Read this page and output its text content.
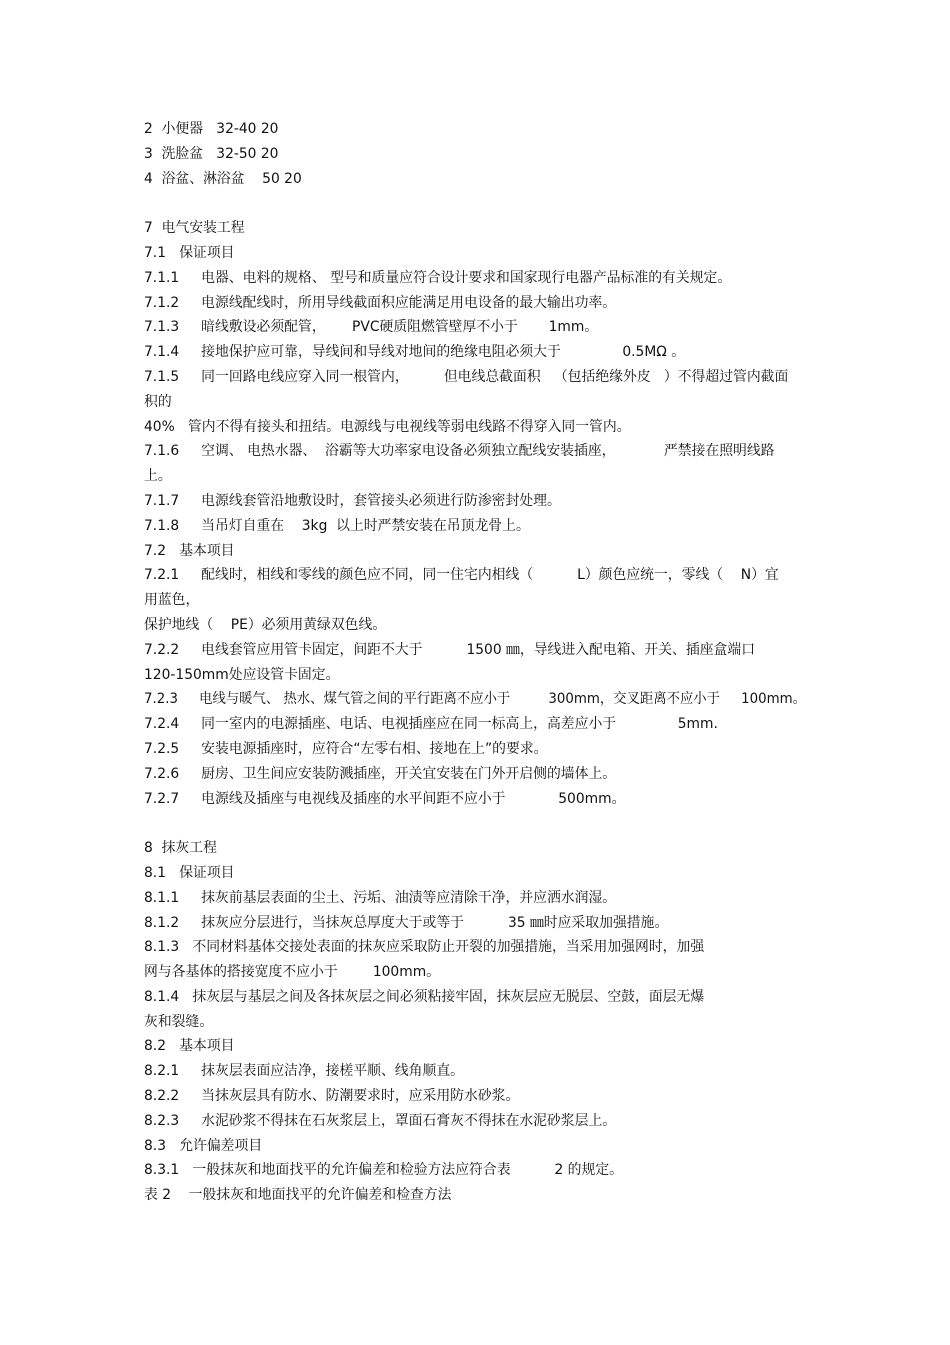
2  小便器   32-40 20
3  洗脸盆   32-50 20
4  浴盆、淋浴盆    50 20
7  电气安装工程
7.1   保证项目
7.1.1     电器、电料的规格、 型号和质量应符合设计要求和国家现行电器产品标准的有关规定。
7.1.2     电源线配线时，所用导线截面积应能满足用电设备的最大输出功率。
7.1.3     暗线敷设必须配管，      PVC硬质阻燃管壁厚不小于       1mm。
7.1.4     接地保护应可靠，导线间和导线对地间的绝缘电阻必须大于              0.5MΩ 。
7.1.5     同一回路电线应穿入同一根管内，        但电线总截面积   （包括绝缘外皮   ）不得超过管内截面
积的
40%   管内不得有接头和扭结。电源线与电视线等弱电线路不得穿入同一管内。
7.1.6     空调、 电热水器、  浴霸等大功率家电设备必须独立配线安装插座，           严禁接在照明线路
上。
7.1.7     电源线套管沿地敷设时，套管接头必须进行防渗密封处理。
7.1.8     当吊灯自重在    3kg  以上时严禁安装在吊顶龙骨上。
7.2   基本项目
7.2.1     配线时，相线和零线的颜色应不同，同一住宅内相线（          L）颜色应统一，零线（    N）宜
用蓝色，
保护地线（    PE）必须用黄绿双色线。
7.2.2     电线套管应用管卡固定，间距不大于          1500 ㎜，导线进入配电箱、开关、插座盒端口
120-150mm处应设管卡固定。
7.2.3     电线与暖气、 热水、煤气管之间的平行距离不应小于         300mm，交叉距离不应小于     100mm。
7.2.4     同一室内的电源插座、电话、电视插座应在同一标高上，高差应小于              5mm.
7.2.5     安装电源插座时，应符合“左零右相、接地在上”的要求。
7.2.6     厨房、卫生间应安装防溅插座，开关宜安装在门外开启侧的墙体上。
7.2.7     电源线及插座与电视线及插座的水平间距不应小于            500mm。
8  抹灰工程
8.1   保证项目
8.1.1     抹灰前基层表面的尘土、污垢、油渍等应清除干净，并应洒水润湿。
8.1.2     抹灰应分层进行，当抹灰总厚度大于或等于          35 ㎜时应采取加强措施。
8.1.3   不同材料基体交接处表面的抹灰应采取防止开裂的加强措施，当采用加强网时，加强
网与各基体的搭接宽度不应小于        100mm。
8.1.4   抹灰层与基层之间及各抹灰层之间必须粘接牢固，抹灰层应无脱层、空鼓，面层无爆
灰和裂缝。
8.2   基本项目
8.2.1     抹灰层表面应洁净，接槎平顺、线角顺直。
8.2.2     当抹灰层具有防水、防潮要求时，应采用防水砂浆。
8.2.3     水泥砂浆不得抹在石灰浆层上，罩面石膏灰不得抹在水泥砂浆层上。
8.3   允许偏差项目
8.3.1   一般抹灰和地面找平的允许偏差和检验方法应符合表          2 的规定。
表 2    一般抹灰和地面找平的允许偏差和检查方法
